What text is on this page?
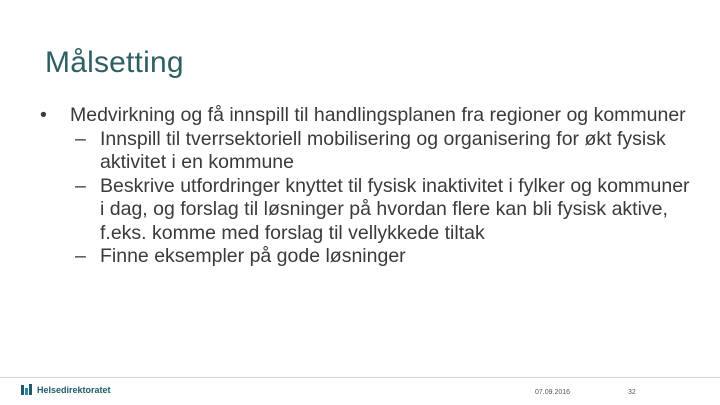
Målsetting
• Medvirkning og få innspill til handlingsplanen fra regioner og kommuner
– Innspill til tverrsektoriell mobilisering og organisering for økt fysisk aktivitet i en kommune
– Beskrive utfordringer knyttet til fysisk inaktivitet i fylker og kommuner i dag, og forslag til løsninger på hvordan flere kan bli fysisk aktive, f.eks. komme med forslag til vellykkede tiltak
– Finne eksempler på gode løsninger
Helsedirektoratet	07.09.2016	32
